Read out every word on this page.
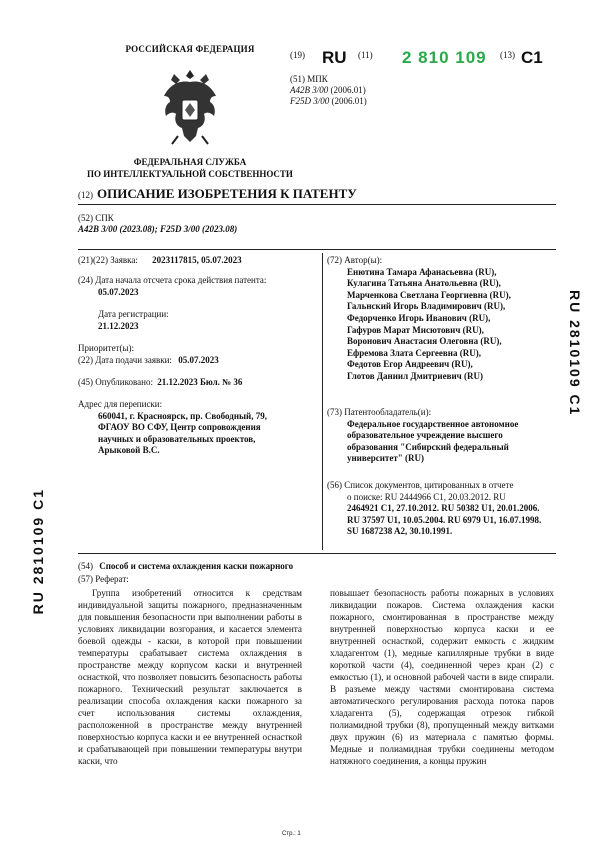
РОССИЙСКАЯ ФЕДЕРАЦИЯ
ФЕДЕРАЛЬНАЯ СЛУЖБА
ПО ИНТЕЛЛЕКТУАЛЬНОЙ СОБСТВЕННОСТИ
(19) RU (11) 2 810 109 (13) C1
(51) МПК
A42B 3/00 (2006.01)
F25D 3/00 (2006.01)
(12) ОПИСАНИЕ ИЗОБРЕТЕНИЯ К ПАТЕНТУ
(52) СПК
A42B 3/00 (2023.08); F25D 3/00 (2023.08)
(21)(22) Заявка: 2023117815, 05.07.2023
(24) Дата начала отсчета срока действия патента:
05.07.2023
Дата регистрации:
21.12.2023
Приоритет(ы):
(22) Дата подачи заявки: 05.07.2023
(45) Опубликовано: 21.12.2023 Бюл. № 36
Адрес для переписки:
660041, г. Красноярск, пр. Свободный, 79,
ФГАОУ ВО СФУ, Центр сопровождения
научных и образовательных проектов,
Арыковой В.С.
(72) Автор(ы):
Енютина Тамара Афанасьевна (RU),
Кулагина Татьяна Анатольевна (RU),
Марченкова Светлана Георгиевна (RU),
Гальнский Игорь Владимирович (RU),
Федорченко Игорь Иванович (RU),
Гафуров Марат Мисютович (RU),
Воронович Анастасия Олеговна (RU),
Ефремова Злата Сергеевна (RU),
Федотов Егор Андреевич (RU),
Глотов Даниил Дмитриевич (RU)
(73) Патентообладатель(и):
Федеральное государственное автономное
образовательное учреждение высшего
образования "Сибирский федеральный
университет" (RU)
(56) Список документов, цитированных в отчете
о поиске: RU 2444966 C1, 20.03.2012. RU
2464921 C1, 27.10.2012. RU 50382 U1, 20.01.2006.
RU 37597 U1, 10.05.2004. RU 6979 U1, 16.07.1998.
SU 1687238 A2, 30.10.1991.
RU 2810109 C1
RU 2810109 C1	(54) Способ и система охлаждения каски пожарного
(57) Реферат:
Группа изобретений относится к средствам индивидуальной защиты пожарного, предназначенным для повышения безопасности при выполнении работы в условиях ликвидации возгорания, и касается элемента боевой одежды - каски, в которой при повышении температуры срабатывает система охлаждения в пространстве между корпусом каски и внутренней оснасткой, что позволяет повысить безопасность работы пожарного. Технический результат заключается в реализации способа охлаждения каски пожарного за счет использования системы охлаждения, расположенной в пространстве между внутренней поверхностью корпуса каски и ее внутренней оснасткой и срабатывающей при повышении температуры внутри каски, что
повышает безопасность работы пожарных в условиях ликвидации пожаров. Система охлаждения каски пожарного, смонтированная в пространстве между внутренней поверхностью корпуса каски и ее внутренней оснасткой, содержит емкость с жидким хладагентом (1), медные капиллярные трубки в виде короткой части (4), соединенной через кран (2) с емкостью (1), и основной рабочей части в виде спирали. В разъеме между частями смонтирована система автоматического регулирования расхода потока паров хладагента (5), содержащая отрезок гибкой полиамидной трубки (8), пропущенный между витками двух пружин (6) из материала с памятью формы. Медные и полиамидная трубки соединены методом натяжного соединения, а концы пружин
Стр.: 1
